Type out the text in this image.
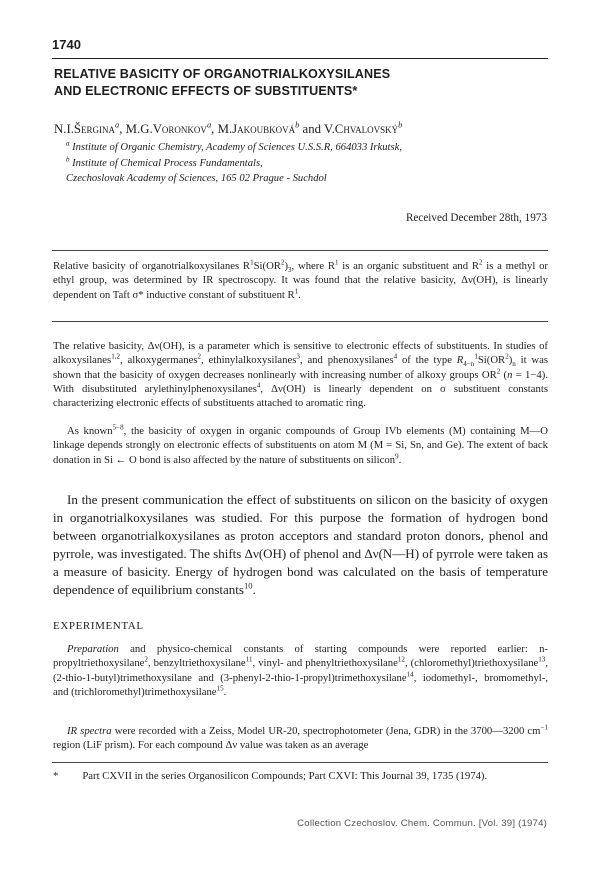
1740
RELATIVE BASICITY OF ORGANOTRIALKOXYSILANES
AND ELECTRONIC EFFECTS OF SUBSTITUENTS*
N.I.Šergina$^a$, M.G.Voronkov$^a$, M.Jakoubková$^b$ and V.Chvalovský$^b$
$^a$ Institute of Organic Chemistry, Academy of Sciences U.S.S.R, 664033 Irkutsk,
$^b$ Institute of Chemical Process Fundamentals,
Czechoslovak Academy of Sciences, 165 02 Prague - Suchdol
Received December 28th, 1973
Relative basicity of organotrialkoxysilanes $R^1Si(OR^2)_3$, where $R^1$ is an organic substituent and $R^2$ is a methyl or ethyl group, was determined by IR spectroscopy. It was found that the relative basicity, Δν(OH), is linearly dependent on Taft σ* inductive constant of substituent $R^1$.
The relative basicity, Δν(OH), is a parameter which is sensitive to electronic effects of substituents. In studies of alkoxysilanes$^{1,2}$, alkoxygermanes$^2$, ethinylalkoxysilanes$^3$, and phenoxysilanes$^4$ of the type $R_{4-n}^1Si(OR^2)_n$ it was shown that the basicity of oxygen decreases nonlinearly with increasing number of alkoxy groups $OR^2$ (n = 1−4). With disubstituted arylethinylphenoxysilanes$^4$, Δν(OH) is linearly dependent on σ substituent constants characterizing electronic effects of substituents attached to aromatic ring.
As known$^{5-8}$, the basicity of oxygen in organic compounds of Group IVb elements (M) containing M—O linkage depends strongly on electronic effects of substituents on atom M (M = Si, Sn, and Ge). The extent of back donation in Si ← O bond is also affected by the nature of substituents on silicon$^9$.
In the present communication the effect of substituents on silicon on the basicity of oxygen in organotrialkoxysilanes was studied. For this purpose the formation of hydrogen bond between organotrialkoxysilanes as proton acceptors and standard proton donors, phenol and pyrrole, was investigated. The shifts Δν(OH) of phenol and Δν(N—H) of pyrrole were taken as a measure of basicity. Energy of hydrogen bond was calculated on the basis of temperature dependence of equilibrium constants$^{10}$.
EXPERIMENTAL
Preparation and physico-chemical constants of starting compounds were reported earlier: n-propyltriethoxysilane$^2$, benzyltriethoxysilane$^{11}$, vinyl- and phenyltriethoxysilane$^{12}$, (chloromethyl)triethoxysilane$^{13}$, (2-thio-1-butyl)trimethoxysilane and (3-phenyl-2-thio-1-propyl)trimethoxysilane$^{14}$, iodomethyl-, bromomethyl-, and (trichloromethyl)trimethoxysilane$^{15}$.
IR spectra were recorded with a Zeiss, Model UR-20, spectrophotometer (Jena, GDR) in the 3700—3200 $cm^{-1}$ region (LiF prism). For each compound Δν value was taken as an average
* Part CXVII in the series Organosilicon Compounds; Part CXVI: This Journal 39, 1735 (1974).
Collection Czechoslov. Chem. Commun. [Vol. 39] (1974)
